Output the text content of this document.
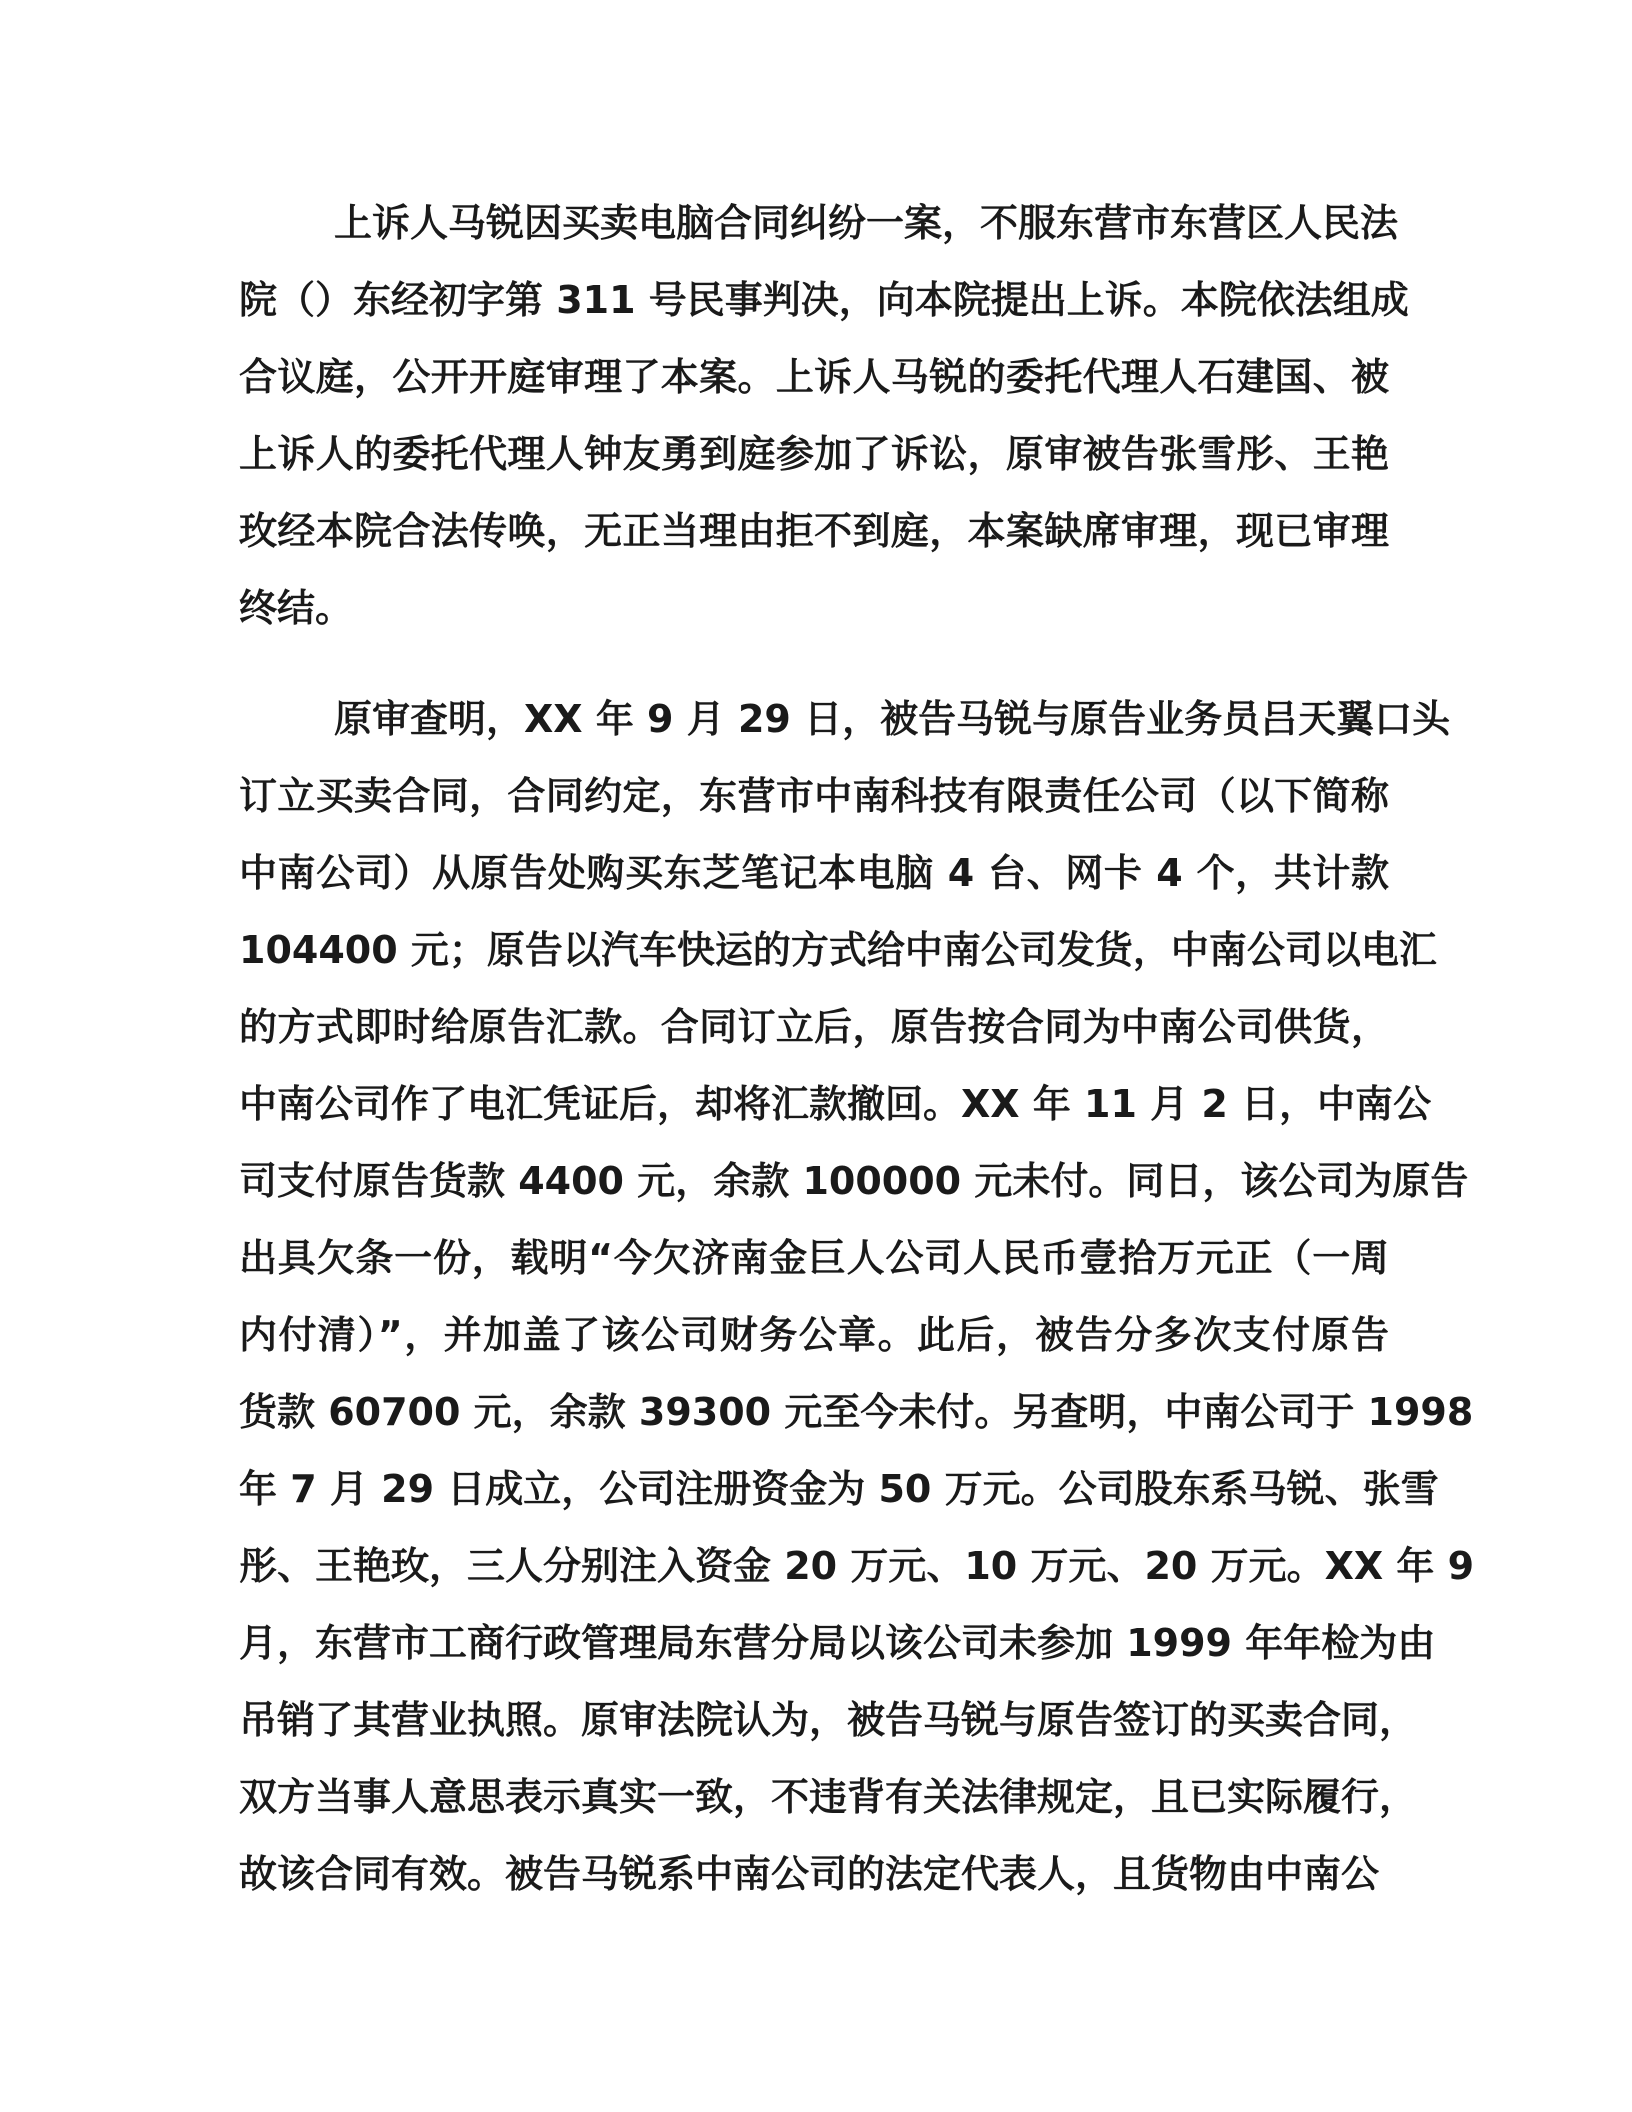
上诉人马锐因买卖电脑合同纠纷一案，不服东营市东营区人民法
院（）东经初字第 311 号民事判决，向本院提出上诉。本院依法组成
合议庭，公开开庭审理了本案。上诉人马锐的委托代理人石建国、被
上诉人的委托代理人钟友勇到庭参加了诉讼，原审被告张雪彤、王艳
玫经本院合法传唤，无正当理由拒不到庭，本案缺席审理，现已审理
终结。

原审查明，XX 年 9 月 29 日，被告马锐与原告业务员吕天翼口头
订立买卖合同，合同约定，东营市中南科技有限责任公司（以下简称
中南公司）从原告处购买东芝笔记本电脑 4 台、网卡 4 个，共计款
104400 元；原告以汽车快运的方式给中南公司发货，中南公司以电汇
的方式即时给原告汇款。合同订立后，原告按合同为中南公司供货，
中南公司作了电汇凭证后，却将汇款撤回。XX 年 11 月 2 日，中南公
司支付原告货款 4400 元，余款 100000 元未付。同日，该公司为原告
出具欠条一份，载明“今欠济南金巨人公司人民币壹拾万元正（一周
内付清）”，并加盖了该公司财务公章。此后，被告分多次支付原告
货款 60700 元，余款 39300 元至今未付。另查明，中南公司于 1998
年 7 月 29 日成立，公司注册资金为 50 万元。公司股东系马锐、张雪
彤、王艳玫，三人分别注入资金 20 万元、10 万元、20 万元。XX 年 9
月，东营市工商行政管理局东营分局以该公司未参加 1999 年年检为由
吊销了其营业执照。原审法院认为，被告马锐与原告签订的买卖合同，
双方当事人意思表示真实一致，不违背有关法律规定，且已实际履行，
故该合同有效。被告马锐系中南公司的法定代表人，且货物由中南公
